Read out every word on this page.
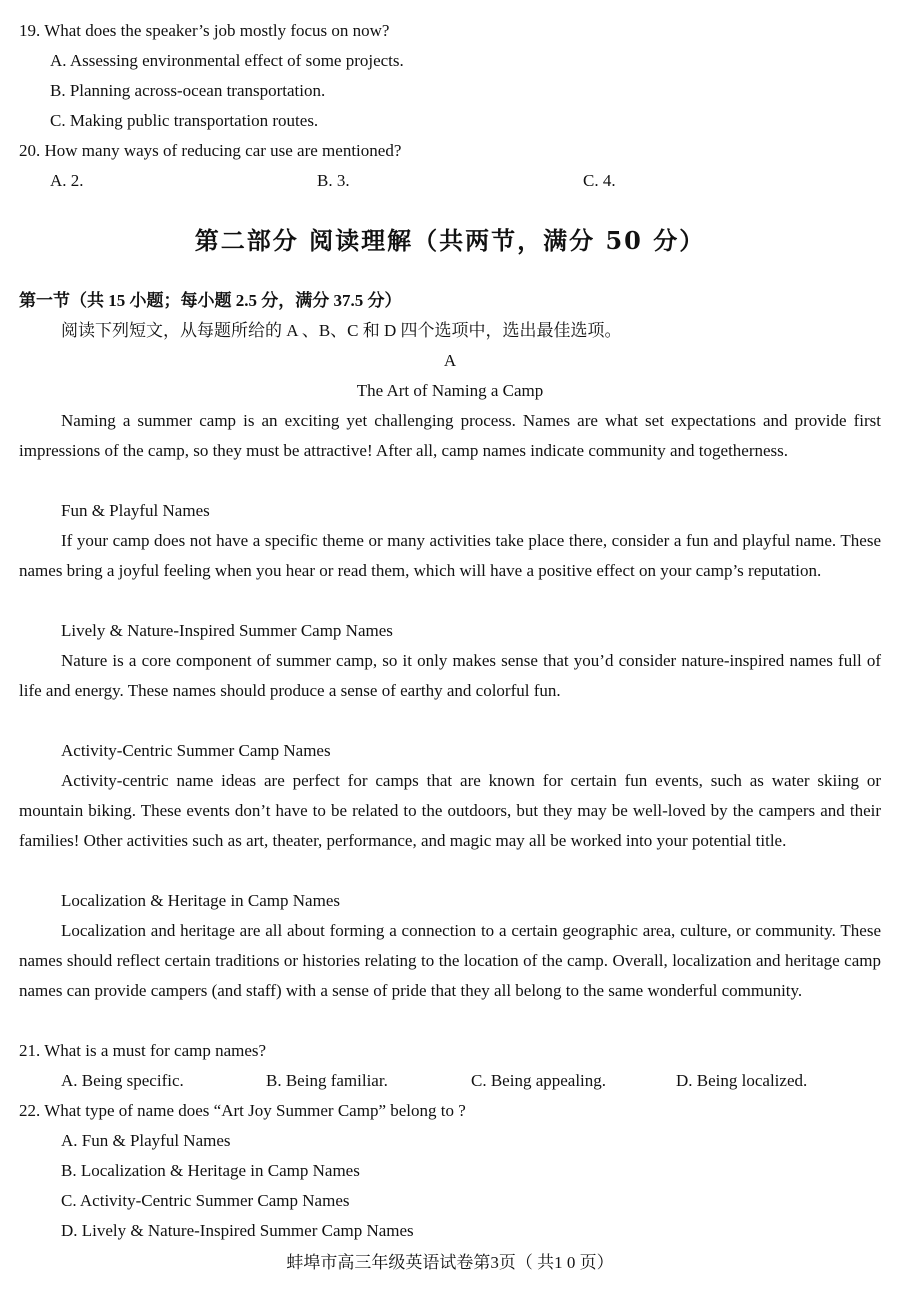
19. What does the speaker’s job mostly focus on now?

A. Assessing environmental effect of some projects.

B. Planning across-ocean transportation.

C. Making public transportation routes.

20. How many ways of reducing car use are mentioned?

A. 2.	B. 3.	C. 4.

第二部分 阅读理解（共两节，满分 50 分）

第一节（共 15 小题；每小题 2.5 分，满分 37.5 分）

阅读下列短文，从每题所给的 A 、B、C 和 D 四个选项中，选出最佳选项。

A

The Art of Naming a Camp

Naming a summer camp is an exciting yet challenging process. Names are what set expectations and provide first impressions of the camp, so they must be attractive! After all, camp names indicate community and togetherness.

Fun & Playful Names

If your camp does not have a specific theme or many activities take place there, consider a fun and playful name. These names bring a joyful feeling when you hear or read them, which will have a positive effect on your camp’s reputation.

Lively & Nature-Inspired Summer Camp Names

Nature is a core component of summer camp, so it only makes sense that you’d consider nature-inspired names full of life and energy. These names should produce a sense of earthy and colorful fun.

Activity-Centric Summer Camp Names

Activity-centric name ideas are perfect for camps that are known for certain fun events, such as water skiing or mountain biking. These events don’t have to be related to the outdoors, but they may be well-loved by the campers and their families! Other activities such as art, theater, performance, and magic may all be worked into your potential title.

Localization & Heritage in Camp Names

Localization and heritage are all about forming a connection to a certain geographic area, culture, or community. These names should reflect certain traditions or histories relating to the location of the camp. Overall, localization and heritage camp names can provide campers (and staff) with a sense of pride that they all belong to the same wonderful community.

21. What is a must for camp names?

A. Being specific.	B. Being familiar.	C. Being appealing.	D. Being localized.

22. What type of name does “Art Joy Summer Camp” belong to ?

A. Fun & Playful Names

B. Localization & Heritage in Camp Names

C. Activity-Centric Summer Camp Names

D. Lively & Nature-Inspired Summer Camp Names

蚌埠市高三年级英语试卷第3页（ 共1 0 页）
